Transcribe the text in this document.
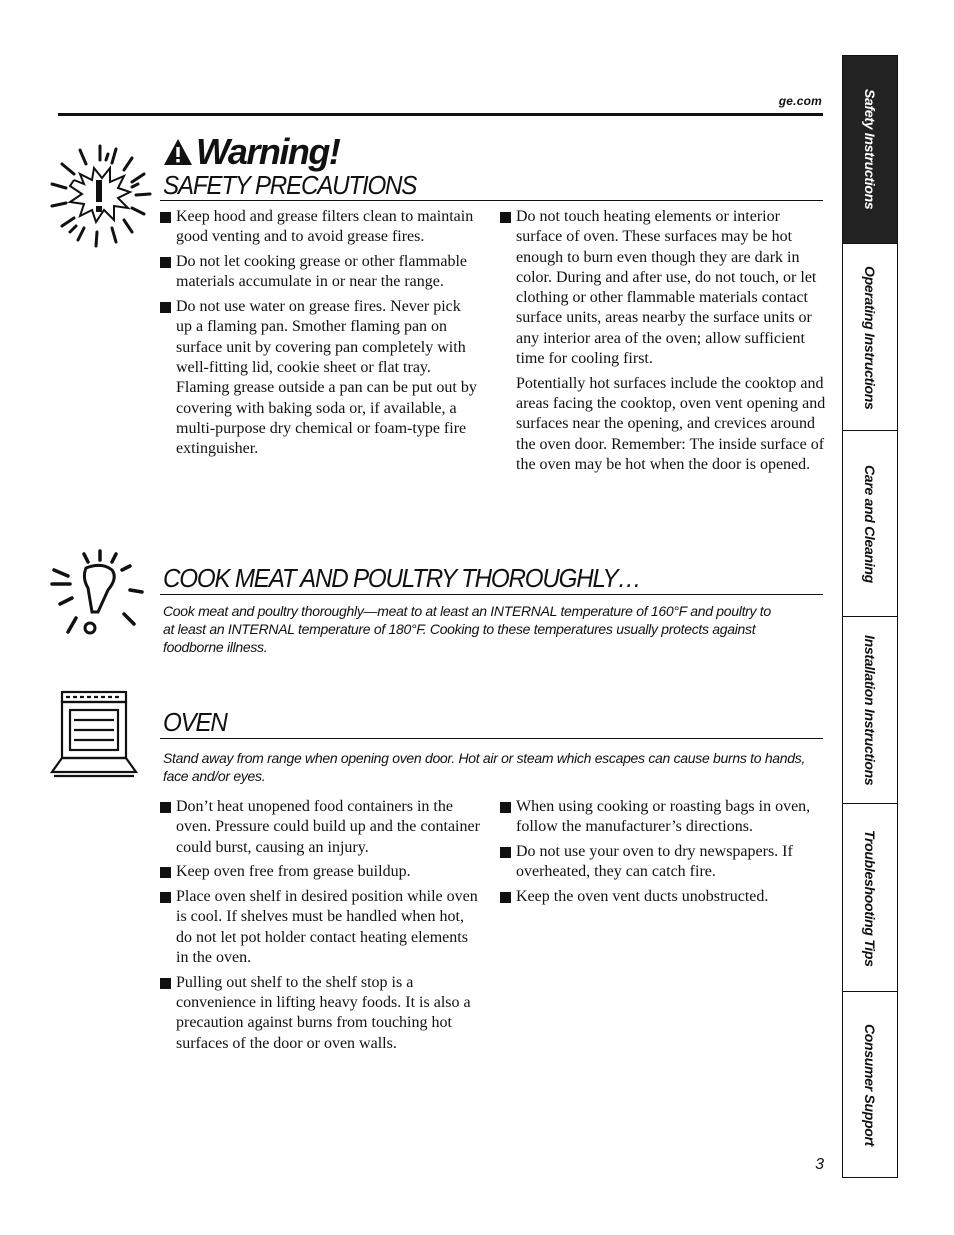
ge.com
Warning!
SAFETY PRECAUTIONS
Keep hood and grease filters clean to maintain good venting and to avoid grease fires.
Do not let cooking grease or other flammable materials accumulate in or near the range.
Do not use water on grease fires. Never pick up a flaming pan. Smother flaming pan on surface unit by covering pan completely with well-fitting lid, cookie sheet or flat tray. Flaming grease outside a pan can be put out by covering with baking soda or, if available, a multi-purpose dry chemical or foam-type fire extinguisher.
Do not touch heating elements or interior surface of oven. These surfaces may be hot enough to burn even though they are dark in color. During and after use, do not touch, or let clothing or other flammable materials contact surface units, areas nearby the surface units or any interior area of the oven; allow sufficient time for cooling first.
Potentially hot surfaces include the cooktop and areas facing the cooktop, oven vent opening and surfaces near the opening, and crevices around the oven door. Remember: The inside surface of the oven may be hot when the door is opened.
COOK MEAT AND POULTRY THOROUGHLY…
Cook meat and poultry thoroughly—meat to at least an INTERNAL temperature of 160°F and poultry to at least an INTERNAL temperature of 180°F. Cooking to these temperatures usually protects against foodborne illness.
OVEN
Stand away from range when opening oven door. Hot air or steam which escapes can cause burns to hands, face and/or eyes.
Don’t heat unopened food containers in the oven. Pressure could build up and the container could burst, causing an injury.
Keep oven free from grease buildup.
Place oven shelf in desired position while oven is cool. If shelves must be handled when hot, do not let pot holder contact heating elements in the oven.
Pulling out shelf to the shelf stop is a convenience in lifting heavy foods. It is also a precaution against burns from touching hot surfaces of the door or oven walls.
When using cooking or roasting bags in oven, follow the manufacturer’s directions.
Do not use your oven to dry newspapers. If overheated, they can catch fire.
Keep the oven vent ducts unobstructed.
Safety Instructions
Operating Instructions
Care and Cleaning
Installation Instructions
Troubleshooting Tips
Consumer Support
3
